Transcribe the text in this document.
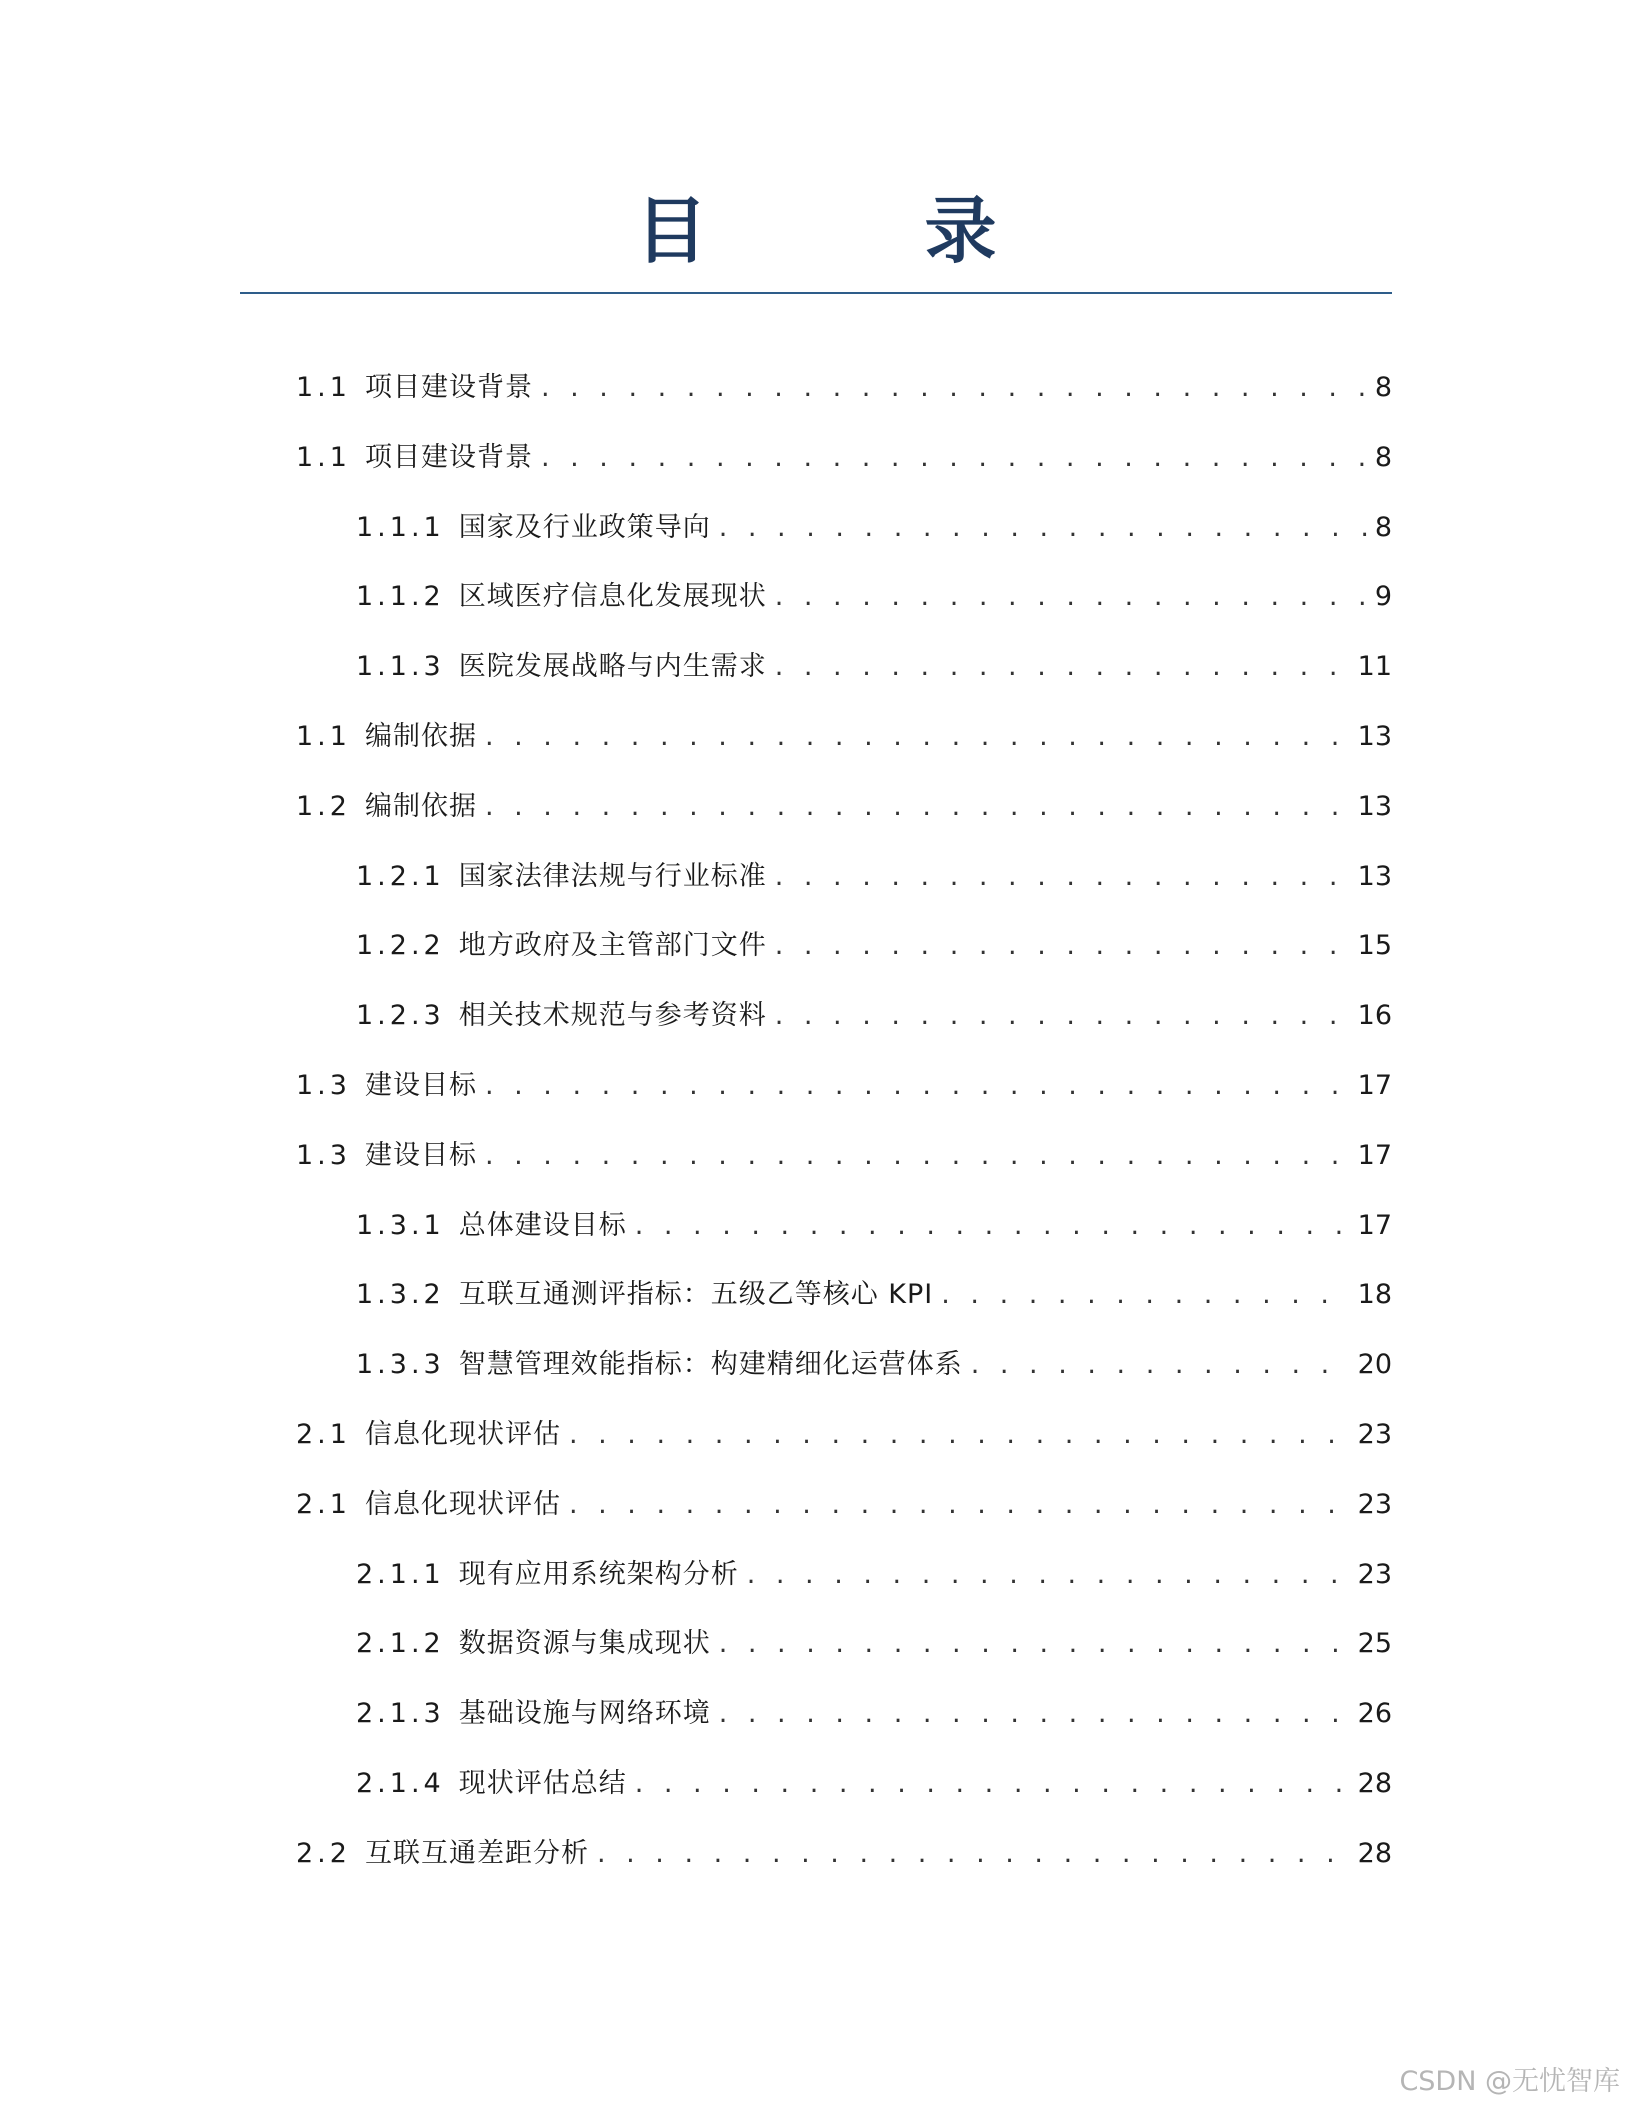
目 录
1.1 项目建设背景 . . .	8
1.1 项目建设背景 . . .	8
1.1.1 国家及行业政策导向 . . .	8
1.1.2 区域医疗信息化发展现状 . . .	9
1.1.3 医院发展战略与内生需求 . . .	11
1.1 编制依据 . . .	13
1.2 编制依据 . . .	13
1.2.1 国家法律法规与行业标准 . . .	13
1.2.2 地方政府及主管部门文件 . . .	15
1.2.3 相关技术规范与参考资料 . . .	16
1.3 建设目标 . . .	17
1.3 建设目标 . . .	17
1.3.1 总体建设目标 . . .	17
1.3.2 互联互通测评指标：五级乙等核心 KPI . . .	18
1.3.3 智慧管理效能指标：构建精细化运营体系 . . .	20
2.1 信息化现状评估 . . .	23
2.1 信息化现状评估 . . .	23
2.1.1 现有应用系统架构分析 . . .	23
2.1.2 数据资源与集成现状 . . .	25
2.1.3 基础设施与网络环境 . . .	26
2.1.4 现状评估总结 . . .	28
2.2 互联互通差距分析 . . .	28
CSDN @无忧智库
